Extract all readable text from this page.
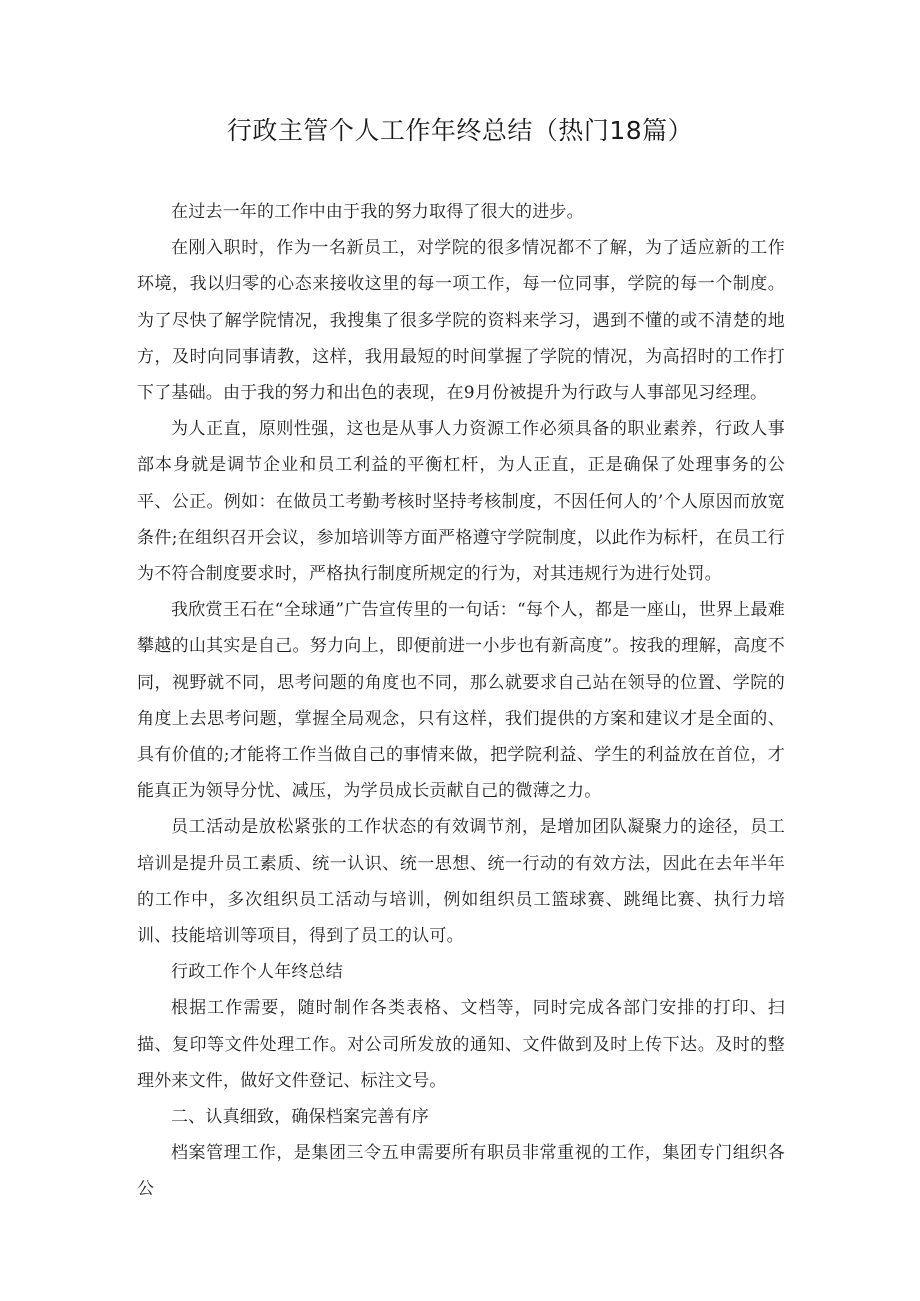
行政主管个人工作年终总结（热门18篇）

在过去一年的工作中由于我的努力取得了很大的进步。

在刚入职时，作为一名新员工，对学院的很多情况都不了解，为了适应新的工作环境，我以归零的心态来接收这里的每一项工作，每一位同事，学院的每一个制度。为了尽快了解学院情况，我搜集了很多学院的资料来学习，遇到不懂的或不清楚的地方，及时向同事请教，这样，我用最短的时间掌握了学院的情况，为高招时的工作打下了基础。由于我的努力和出色的表现，在9月份被提升为行政与人事部见习经理。

为人正直，原则性强，这也是从事人力资源工作必须具备的职业素养，行政人事部本身就是调节企业和员工利益的平衡杠杆，为人正直，正是确保了处理事务的公平、公正。例如：在做员工考勤考核时坚持考核制度，不因任何人的’个人原因而放宽条件;在组织召开会议，参加培训等方面严格遵守学院制度，以此作为标杆，在员工行为不符合制度要求时，严格执行制度所规定的行为，对其违规行为进行处罚。

我欣赏王石在“全球通”广告宣传里的一句话：“每个人，都是一座山，世界上最难攀越的山其实是自己。努力向上，即便前进一小步也有新高度”。按我的理解，高度不同，视野就不同，思考问题的角度也不同，那么就要求自己站在领导的位置、学院的角度上去思考问题，掌握全局观念，只有这样，我们提供的方案和建议才是全面的、具有价值的;才能将工作当做自己的事情来做，把学院利益、学生的利益放在首位，才能真正为领导分忧、减压，为学员成长贡献自己的微薄之力。

员工活动是放松紧张的工作状态的有效调节剂，是增加团队凝聚力的途径，员工培训是提升员工素质、统一认识、统一思想、统一行动的有效方法，因此在去年半年的工作中，多次组织员工活动与培训，例如组织员工篮球赛、跳绳比赛、执行力培训、技能培训等项目，得到了员工的认可。

行政工作个人年终总结

根据工作需要，随时制作各类表格、文档等，同时完成各部门安排的打印、扫描、复印等文件处理工作。对公司所发放的通知、文件做到及时上传下达。及时的整理外来文件，做好文件登记、标注文号。

二、认真细致，确保档案完善有序

档案管理工作，是集团三令五申需要所有职员非常重视的工作，集团专门组织各公
